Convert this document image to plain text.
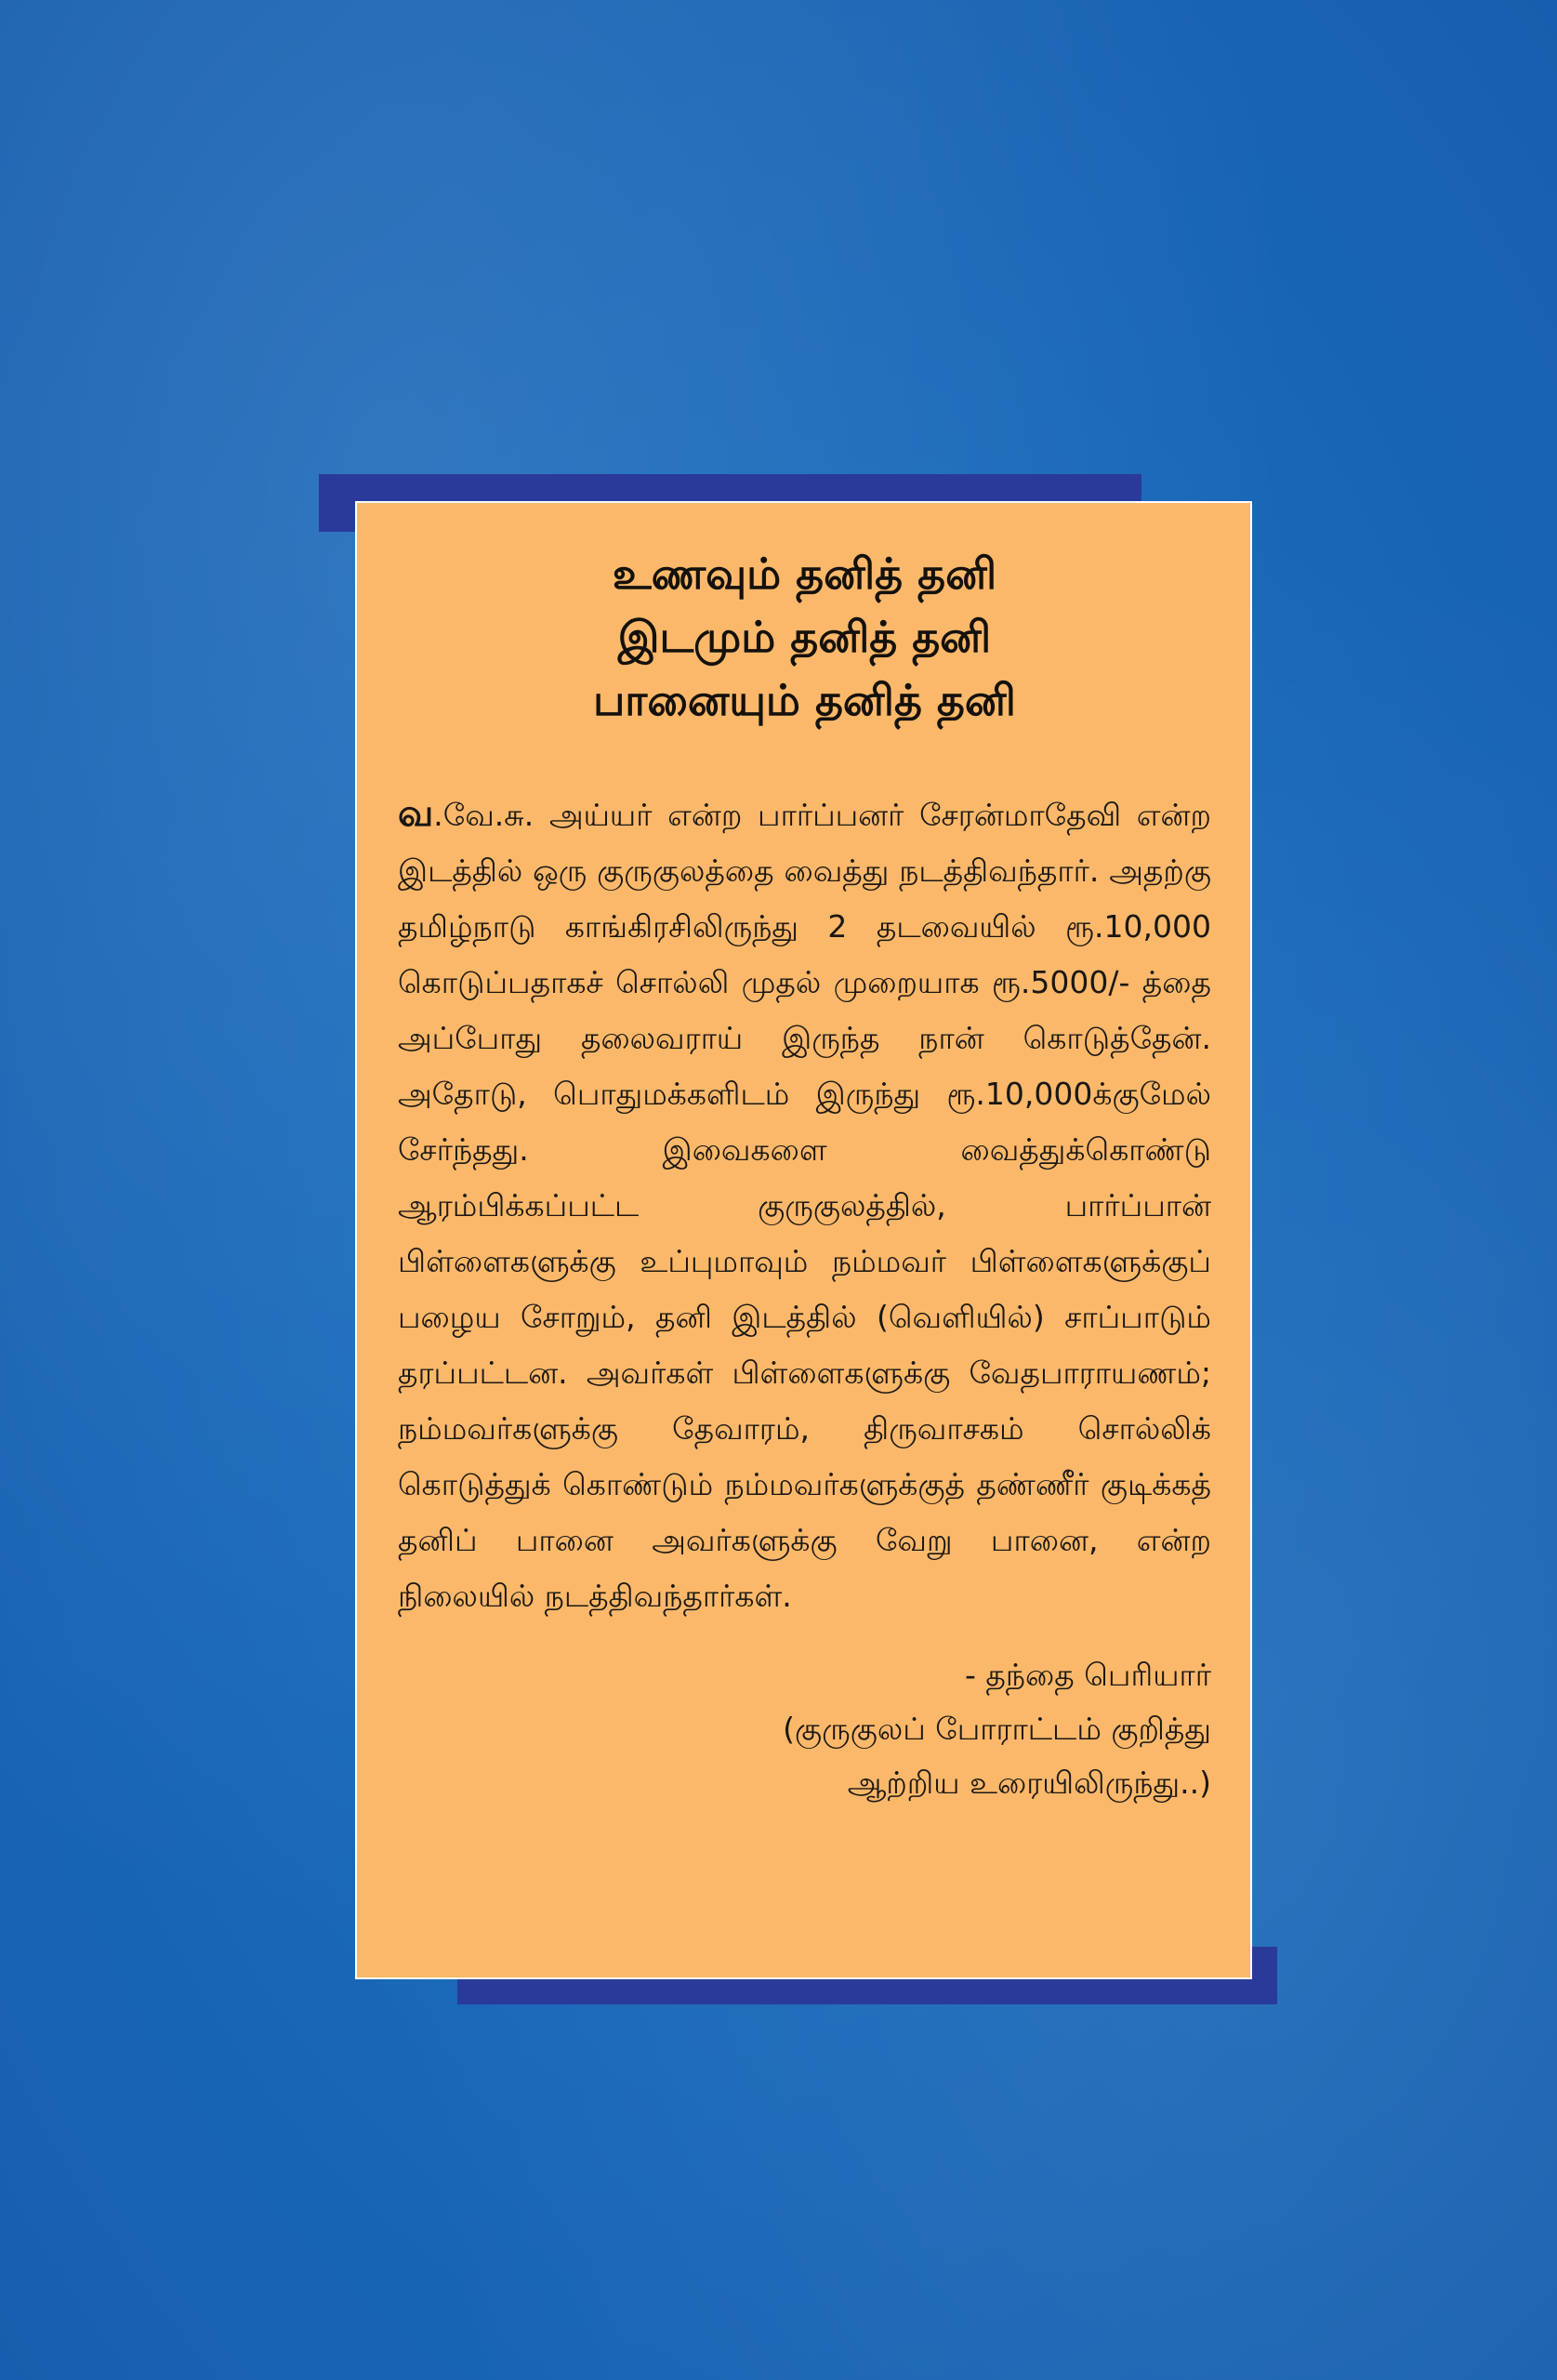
உணவும் தனித் தனி
இடமும் தனித் தனி
பானையும் தனித் தனி

வ.வே.சு. அய்யர் என்ற பார்ப்பனர் சேரன்மாதேவி என்ற இடத்தில் ஒரு குருகுலத்தை வைத்து நடத்திவந்தார். அதற்கு தமிழ்நாடு காங்கிரசிலிருந்து 2 தடவையில் ரூ.10,000 கொடுப்பதாகச் சொல்லி முதல் முறையாக ரூ.5000/- த்தை அப்போது தலைவராய் இருந்த நான் கொடுத்தேன். அதோடு, பொதுமக்களிடம் இருந்து ரூ.10,000க்குமேல் சேர்ந்தது. இவைகளை வைத்துக்கொண்டு ஆரம்பிக்கப்பட்ட குருகுலத்தில், பார்ப்பான் பிள்ளைகளுக்கு உப்புமாவும் நம்மவர் பிள்ளைகளுக்குப் பழைய சோறும், தனி இடத்தில் (வெளியில்) சாப்பாடும் தரப்பட்டன. அவர்கள் பிள்ளைகளுக்கு வேதபாராயணம்; நம்மவர்களுக்கு தேவாரம், திருவாசகம் சொல்லிக் கொடுத்துக் கொண்டும் நம்மவர்களுக்குத் தண்ணீர் குடிக்கத் தனிப் பானை அவர்களுக்கு வேறு பானை, என்ற நிலையில் நடத்திவந்தார்கள்.

- தந்தை பெரியார்
(குருகுலப் போராட்டம் குறித்து
ஆற்றிய உரையிலிருந்து..)
